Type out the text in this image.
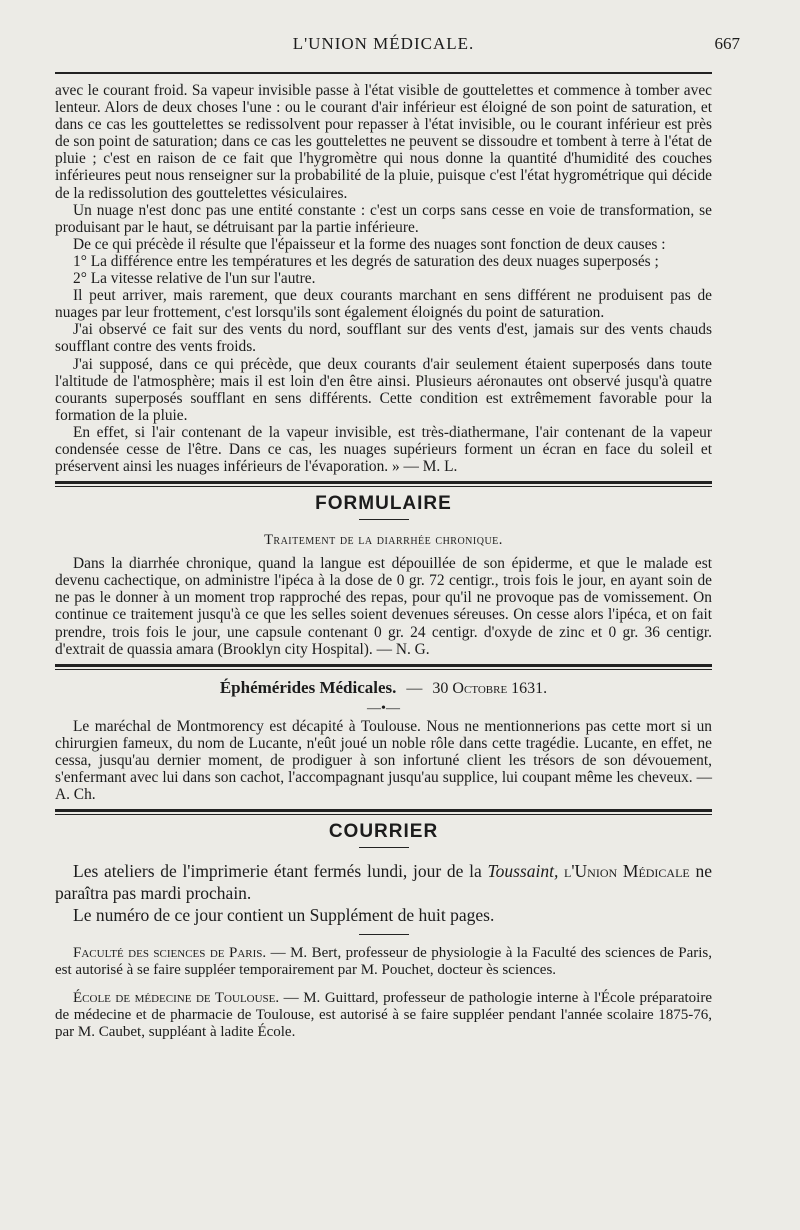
L'UNION MÉDICALE.	667

avec le courant froid. Sa vapeur invisible passe à l'état visible de gouttelettes et commence à tomber avec lenteur. Alors de deux choses l'une : ou le courant d'air inférieur est éloigné de son point de saturation, et dans ce cas les gouttelettes se redissolvent pour repasser à l'état invisible, ou le courant inférieur est près de son point de saturation; dans ce cas les gouttelettes ne peuvent se dissoudre et tombent à terre à l'état de pluie ; c'est en raison de ce fait que l'hygromètre qui nous donne la quantité d'humidité des couches inférieures peut nous renseigner sur la probabilité de la pluie, puisque c'est l'état hygrométrique qui décide de la redissolution des gouttelettes vésiculaires.

Un nuage n'est donc pas une entité constante : c'est un corps sans cesse en voie de transformation, se produisant par le haut, se détruisant par la partie inférieure.

De ce qui précède il résulte que l'épaisseur et la forme des nuages sont fonction de deux causes :

1° La différence entre les températures et les degrés de saturation des deux nuages superposés ;

2° La vitesse relative de l'un sur l'autre.

Il peut arriver, mais rarement, que deux courants marchant en sens différent ne produisent pas de nuages par leur frottement, c'est lorsqu'ils sont également éloignés du point de saturation.

J'ai observé ce fait sur des vents du nord, soufflant sur des vents d'est, jamais sur des vents chauds soufflant contre des vents froids.

J'ai supposé, dans ce qui précède, que deux courants d'air seulement étaient superposés dans toute l'altitude de l'atmosphère; mais il est loin d'en être ainsi. Plusieurs aéronautes ont observé jusqu'à quatre courants superposés soufflant en sens différents. Cette condition est extrêmement favorable pour la formation de la pluie.

En effet, si l'air contenant de la vapeur invisible, est très-diathermane, l'air contenant de la vapeur condensée cesse de l'être. Dans ce cas, les nuages supérieurs forment un écran en face du soleil et préservent ainsi les nuages inférieurs de l'évaporation. » — M. L.

FORMULAIRE
Traitement de la diarrhée chronique.

Dans la diarrhée chronique, quand la langue est dépouillée de son épiderme, et que le malade est devenu cachectique, on administre l'ipéca à la dose de 0 gr. 72 centigr., trois fois le jour, en ayant soin de ne pas le donner à un moment trop rapproché des repas, pour qu'il ne provoque pas de vomissement. On continue ce traitement jusqu'à ce que les selles soient devenues séreuses. On cesse alors l'ipéca, et on fait prendre, trois fois le jour, une capsule contenant 0 gr. 24 centigr. d'oxyde de zinc et 0 gr. 36 centigr. d'extrait de quassia amara (Brooklyn city Hospital). — N. G.

Éphémérides Médicales. — 30 Octobre 1631.
—•—

Le maréchal de Montmorency est décapité à Toulouse. Nous ne mentionnerions pas cette mort si un chirurgien fameux, du nom de Lucante, n'eût joué un noble rôle dans cette tragédie. Lucante, en effet, ne cessa, jusqu'au dernier moment, de prodiguer à son infortuné client les trésors de son dévouement, s'enfermant avec lui dans son cachot, l'accompagnant jusqu'au supplice, lui coupant même les cheveux. — A. Ch.

COURRIER

Les ateliers de l'imprimerie étant fermés lundi, jour de la Toussaint, l'Union Médicale ne paraîtra pas mardi prochain.

Le numéro de ce jour contient un Supplément de huit pages.

Faculté des sciences de Paris. — M. Bert, professeur de physiologie à la Faculté des sciences de Paris, est autorisé à se faire suppléer temporairement par M. Pouchet, docteur ès sciences.

École de médecine de Toulouse. — M. Guittard, professeur de pathologie interne à l'École préparatoire de médecine et de pharmacie de Toulouse, est autorisé à se faire suppléer pendant l'année scolaire 1875-76, par M. Caubet, suppléant à ladite École.
